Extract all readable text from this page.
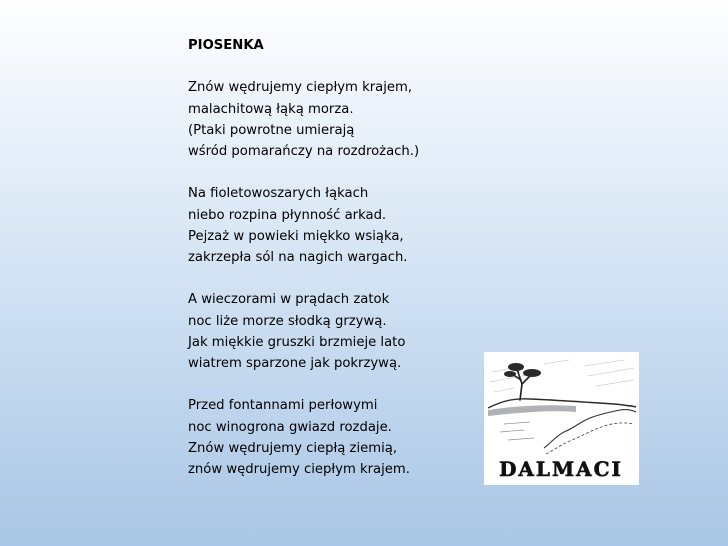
PIOSENKA
Znów wędrujemy ciepłym krajem,
malachitową łąką morza.
(Ptaki powrotne umierają
wśród pomarańczy na rozdrożach.)
Na fioletowoszarych łąkach
niebo rozpina płynność arkad.
Pejzaż w powieki miękko wsiąka,
zakrzepła sól na nagich wargach.
A wieczorami w prądach zatok
noc liże morze słodką grzywą.
Jak miękkie gruszki brzmieje lato
wiatrem sparzone jak pokrzywą.
Przed fontannami perłowymi
noc winogrona gwiazd rozdaje.
Znów wędrujemy ciepłą ziemią,
znów wędrujemy ciepłym krajem.	DALMACI
